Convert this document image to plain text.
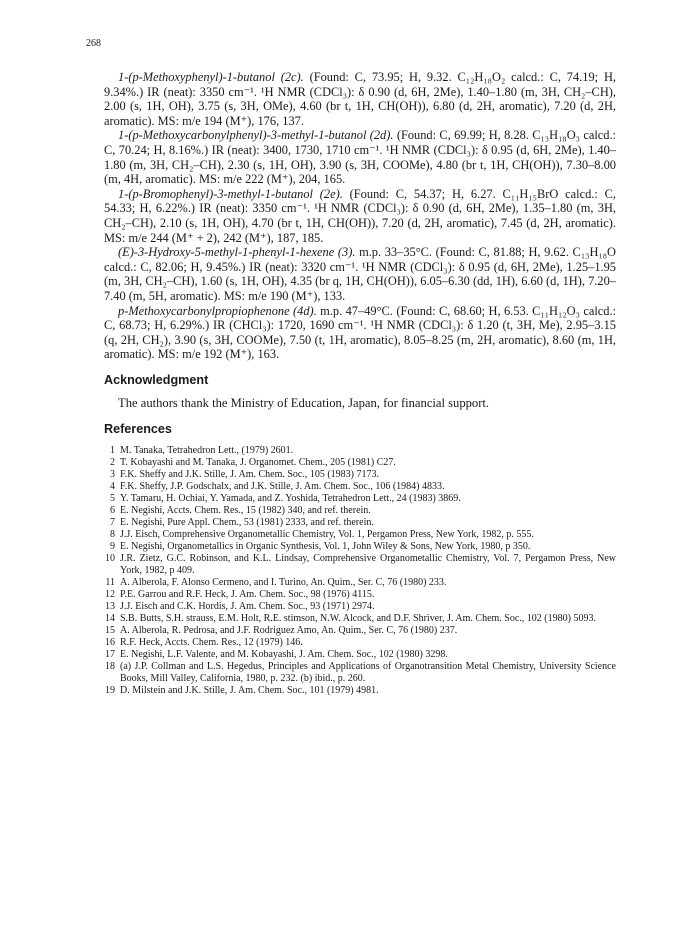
268

1-(p-Methoxyphenyl)-1-butanol (2c). (Found: C, 73.95; H, 9.32. C₁₂H₁₈O₂ calcd.: C, 74.19; H, 9.34%.) IR (neat): 3350 cm⁻¹. ¹H NMR (CDCl₃): δ 0.90 (d, 6H, 2Me), 1.40–1.80 (m, 3H, CH₂–CH), 2.00 (s, 1H, OH), 3.75 (s, 3H, OMe), 4.60 (br t, 1H, CH(OH)), 6.80 (d, 2H, aromatic), 7.20 (d, 2H, aromatic). MS: m/e 194 (M⁺), 176, 137.

1-(p-Methoxycarbonylphenyl)-3-methyl-1-butanol (2d). (Found: C, 69.99; H, 8.28. C₁₃H₁₈O₃ calcd.: C, 70.24; H, 8.16%.) IR (neat): 3400, 1730, 1710 cm⁻¹. ¹H NMR (CDCl₃): δ 0.95 (d, 6H, 2Me), 1.40–1.80 (m, 3H, CH₂–CH), 2.30 (s, 1H, OH), 3.90 (s, 3H, COOMe), 4.80 (br t, 1H, CH(OH)), 7.30–8.00 (m, 4H, aromatic). MS: m/e 222 (M⁺), 204, 165.

1-(p-Bromophenyl)-3-methyl-1-butanol (2e). (Found: C, 54.37; H, 6.27. C₁₁H₁₅BrO calcd.: C, 54.33; H, 6.22%.) IR (neat): 3350 cm⁻¹. ¹H NMR (CDCl₃): δ 0.90 (d, 6H, 2Me), 1.35–1.80 (m, 3H, CH₂–CH), 2.10 (s, 1H, OH), 4.70 (br t, 1H, CH(OH)), 7.20 (d, 2H, aromatic), 7.45 (d, 2H, aromatic). MS: m/e 244 (M⁺ + 2), 242 (M⁺), 187, 185.

(E)-3-Hydroxy-5-methyl-1-phenyl-1-hexene (3). m.p. 33–35°C. (Found: C, 81.88; H, 9.62. C₁₃H₁₈O calcd.: C, 82.06; H, 9.45%.) IR (neat): 3320 cm⁻¹. ¹H NMR (CDCl₃): δ 0.95 (d, 6H, 2Me), 1.25–1.95 (m, 3H, CH₂–CH), 1.60 (s, 1H, OH), 4.35 (br q, 1H, CH(OH)), 6.05–6.30 (dd, 1H), 6.60 (d, 1H), 7.20–7.40 (m, 5H, aromatic). MS: m/e 190 (M⁺), 133.

p-Methoxycarbonylpropiophenone (4d). m.p. 47–49°C. (Found: C, 68.60; H, 6.53. C₁₁H₁₂O₃ calcd.: C, 68.73; H, 6.29%.) IR (CHCl₃): 1720, 1690 cm⁻¹. ¹H NMR (CDCl₃): δ 1.20 (t, 3H, Me), 2.95–3.15 (q, 2H, CH₂), 3.90 (s, 3H, COOMe), 7.50 (t, 1H, aromatic), 8.05–8.25 (m, 2H, aromatic), 8.60 (m, 1H, aromatic). MS: m/e 192 (M⁺), 163.

Acknowledgment

The authors thank the Ministry of Education, Japan, for financial support.

References
1 M. Tanaka, Tetrahedron Lett., (1979) 2601.
2 T. Kobayashi and M. Tanaka, J. Organomet. Chem., 205 (1981) C27.
3 F.K. Sheffy and J.K. Stille, J. Am. Chem. Soc., 105 (1983) 7173.
4 F.K. Sheffy, J.P. Godschalx, and J.K. Stille, J. Am. Chem. Soc., 106 (1984) 4833.
5 Y. Tamaru, H. Ochiai, Y. Yamada, and Z. Yoshida, Tetrahedron Lett., 24 (1983) 3869.
6 E. Negishi, Accts. Chem. Res., 15 (1982) 340, and ref. therein.
7 E. Negishi, Pure Appl. Chem., 53 (1981) 2333, and ref. therein.
8 J.J. Eisch, Comprehensive Organometallic Chemistry, Vol. 1, Pergamon Press, New York, 1982, p. 555.
9 E. Negishi, Organometallics in Organic Synthesis, Vol. 1, John Wiley & Sons, New York, 1980, p 350.
10 J.R. Zietz, G.C. Robinson, and K.L. Lindsay, Comprehensive Organometallic Chemistry, Vol. 7, Pergamon Press, New York, 1982, p 409.
11 A. Alberola, F. Alonso Cermeno, and I. Turino, An. Quim., Ser. C, 76 (1980) 233.
12 P.E. Garrou and R.F. Heck, J. Am. Chem. Soc., 98 (1976) 4115.
13 J.J. Eisch and C.K. Hordis, J. Am. Chem. Soc., 93 (1971) 2974.
14 S.B. Butts, S.H. strauss, E.M. Holt, R.E. stimson, N.W. Alcock, and D.F. Shriver, J. Am. Chem. Soc., 102 (1980) 5093.
15 A. Alberola, R. Pedrosa, and J.F. Rodriguez Amo, An. Quim., Ser. C, 76 (1980) 237.
16 R.F. Heck, Accts. Chem. Res., 12 (1979) 146.
17 E. Negishi, L.F. Valente, and M. Kobayashi, J. Am. Chem. Soc., 102 (1980) 3298.
18 (a) J.P. Collman and L.S. Hegedus, Principles and Applications of Organotransition Metal Chemistry, University Science Books, Mill Valley, California, 1980, p. 232. (b) ibid., p. 260.
19 D. Milstein and J.K. Stille, J. Am. Chem. Soc., 101 (1979) 4981.
